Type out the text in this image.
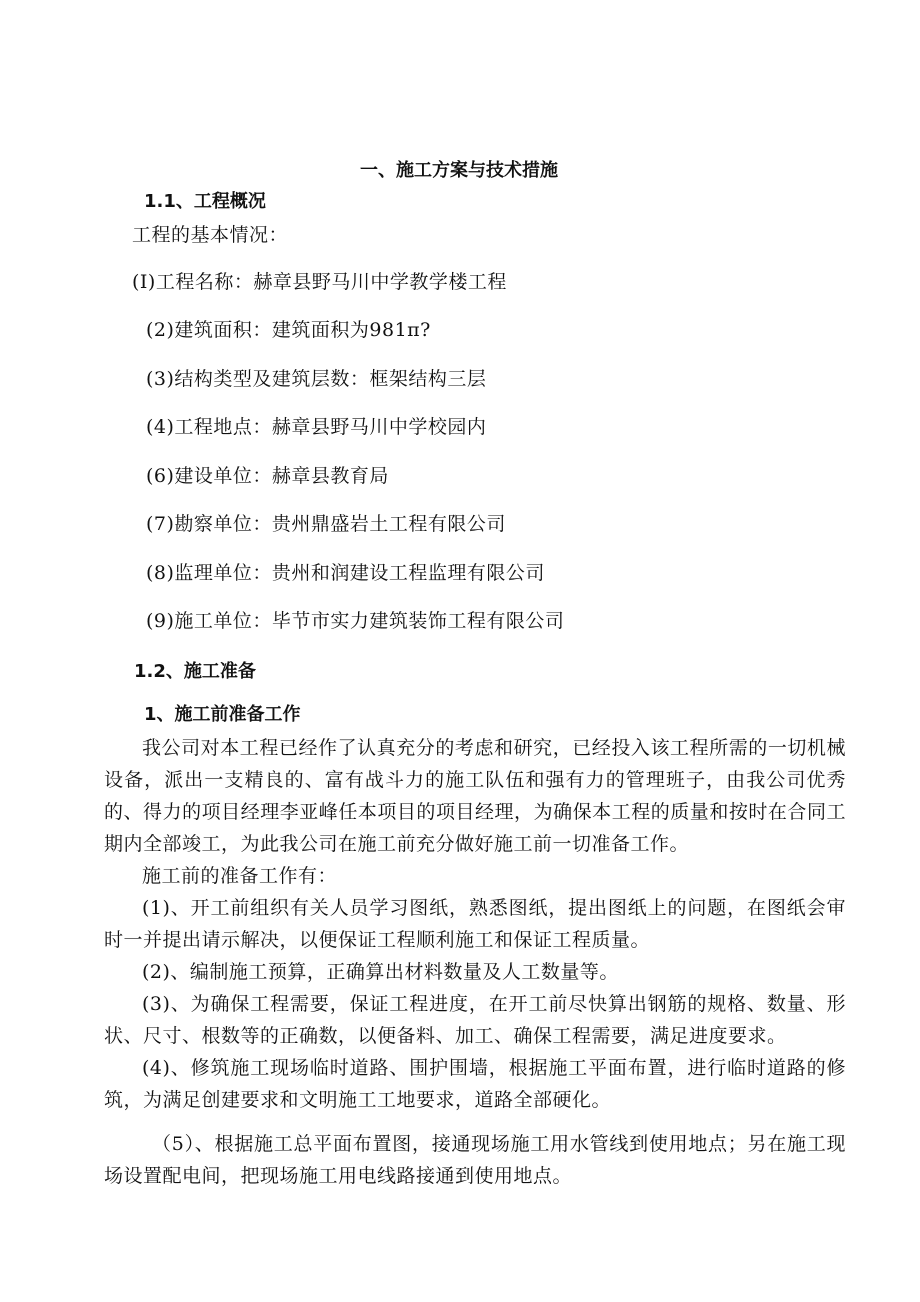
一、施工方案与技术措施
1.1、工程概况
工程的基本情况：
(I)工程名称：赫章县野马川中学教学楼工程
(2)建筑面积：建筑面积为981π?
(3)结构类型及建筑层数：框架结构三层
(4)工程地点：赫章县野马川中学校园内
(6)建设单位：赫章县教育局
(7)勘察单位：贵州鼎盛岩土工程有限公司
(8)监理单位：贵州和润建设工程监理有限公司
(9)施工单位：毕节市实力建筑装饰工程有限公司
1.2、施工准备
1、施工前准备工作

我公司对本工程已经作了认真充分的考虑和研究，已经投入该工程所需的一切机械设备，派出一支精良的、富有战斗力的施工队伍和强有力的管理班子，由我公司优秀的、得力的项目经理李亚峰任本项目的项目经理，为确保本工程的质量和按时在合同工期内全部竣工，为此我公司在施工前充分做好施工前一切准备工作。

施工前的准备工作有：

(1)、开工前组织有关人员学习图纸，熟悉图纸，提出图纸上的问题，在图纸会审时一并提出请示解决，以便保证工程顺利施工和保证工程质量。

(2)、编制施工预算，正确算出材料数量及人工数量等。

(3)、为确保工程需要，保证工程进度，在开工前尽快算出钢筋的规格、数量、形状、尺寸、根数等的正确数，以便备料、加工、确保工程需要，满足进度要求。

(4)、修筑施工现场临时道路、围护围墙，根据施工平面布置，进行临时道路的修筑，为满足创建要求和文明施工工地要求，道路全部硬化。

（5）、根据施工总平面布置图，接通现场施工用水管线到使用地点；另在施工现场设置配电间，把现场施工用电线路接通到使用地点。
